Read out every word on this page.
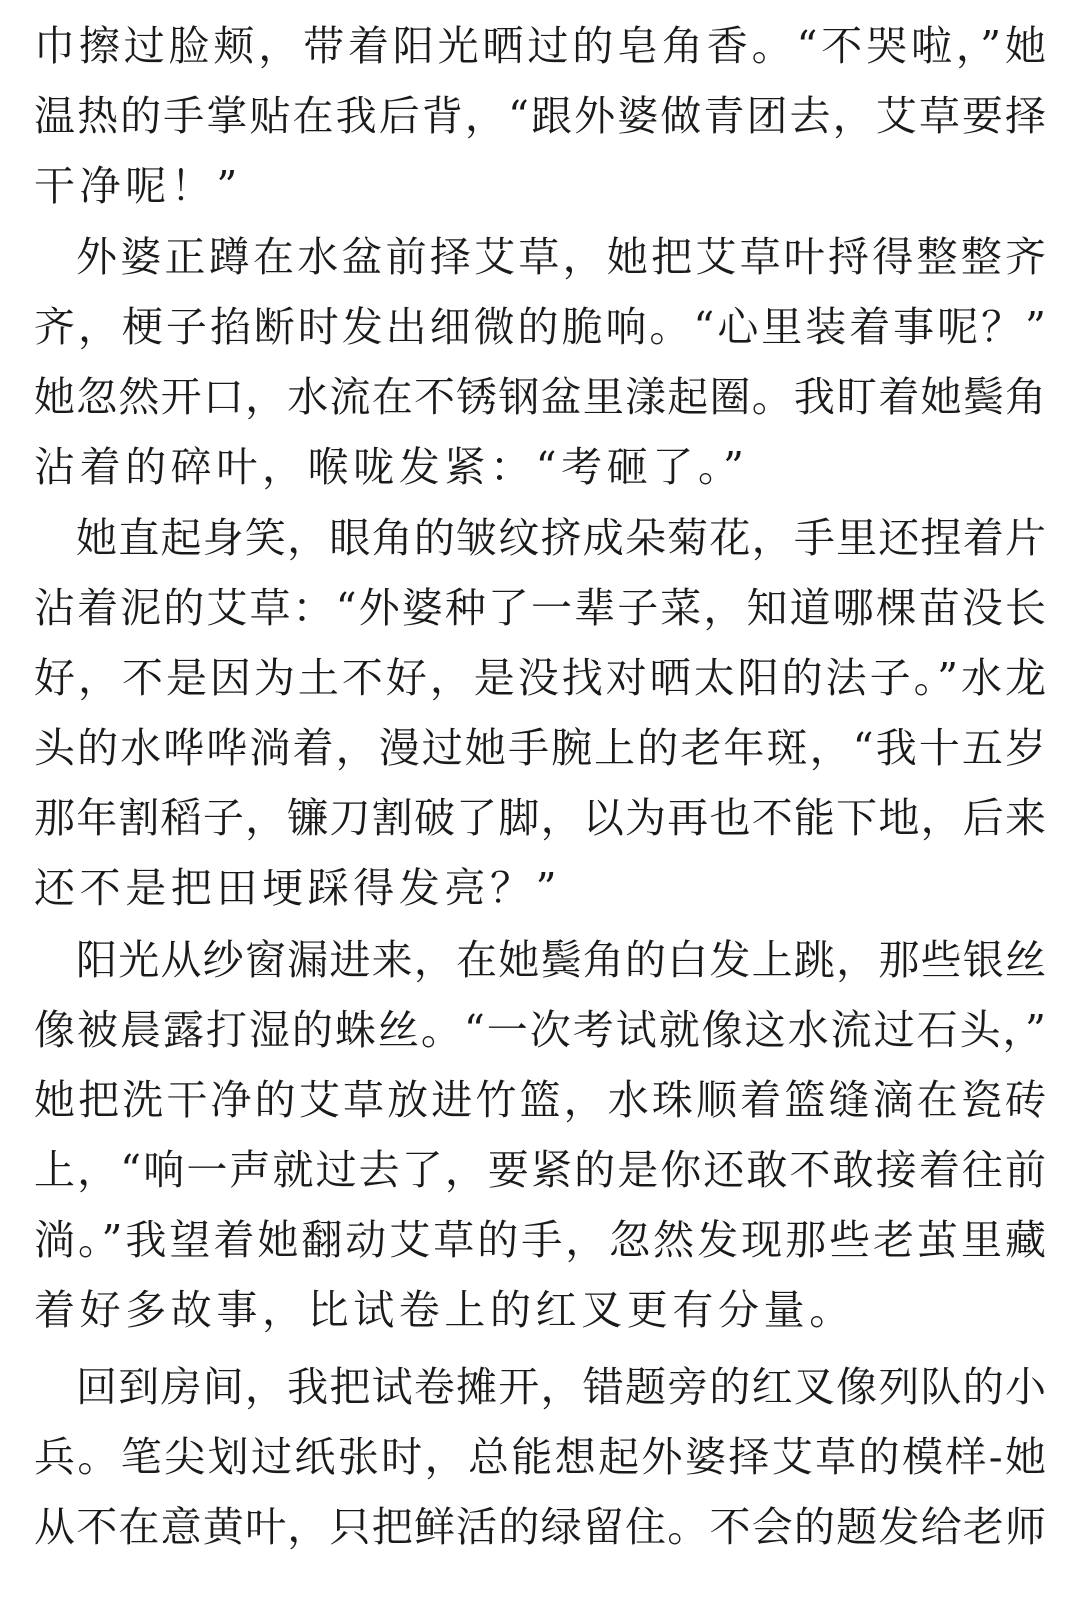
巾擦过脸颊，带着阳光晒过的皂角香。“不哭啦，”她
温热的手掌贴在我后背，“跟外婆做青团去，艾草要择
干净呢！”
外婆正蹲在水盆前择艾草，她把艾草叶捋得整整齐
齐，梗子掐断时发出细微的脆响。“心里装着事呢？”
她忽然开口，水流在不锈钢盆里漾起圈。我盯着她鬓角
沾着的碎叶，喉咙发紧：“考砸了。”
她直起身笑，眼角的皱纹挤成朵菊花，手里还捏着片
沾着泥的艾草：“外婆种了一辈子菜，知道哪棵苗没长
好，不是因为土不好，是没找对晒太阳的法子。”水龙
头的水哗哗淌着，漫过她手腕上的老年斑，“我十五岁
那年割稻子，镰刀割破了脚，以为再也不能下地，后来
还不是把田埂踩得发亮？”
阳光从纱窗漏进来，在她鬓角的白发上跳，那些银丝
像被晨露打湿的蛛丝。“一次考试就像这水流过石头，”
她把洗干净的艾草放进竹篮，水珠顺着篮缝滴在瓷砖
上，“响一声就过去了，要紧的是你还敢不敢接着往前
淌。”我望着她翻动艾草的手，忽然发现那些老茧里藏
着好多故事，比试卷上的红叉更有分量。
回到房间，我把试卷摊开，错题旁的红叉像列队的小
兵。笔尖划过纸张时，总能想起外婆择艾草的模样-她
从不在意黄叶，只把鲜活的绿留住。不会的题发给老师
